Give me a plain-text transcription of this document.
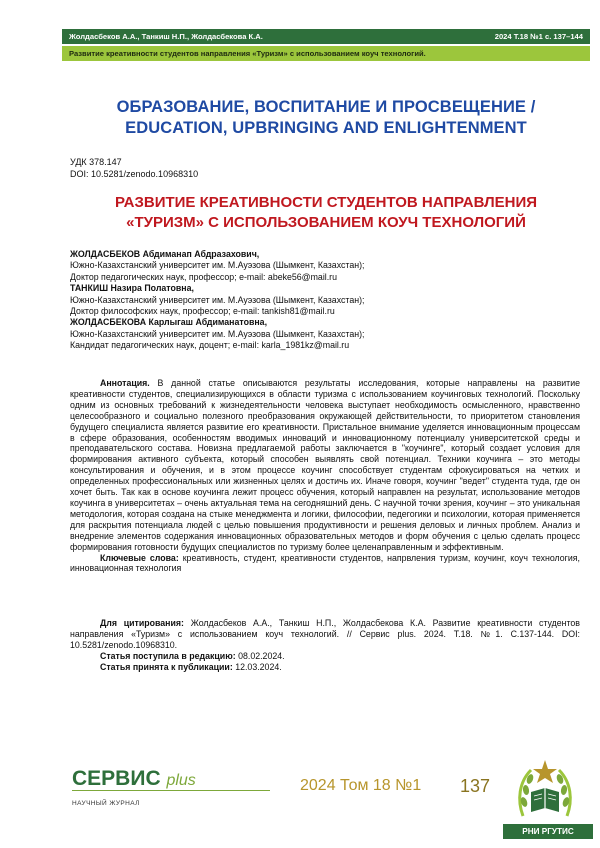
Жолдасбеков А.А., Танкиш Н.П., Жолдасбекова К.А.	2024 Т.18 №1 с. 137–144
Развитие креативности студентов направления «Туризм» с использованием коуч технологий.
ОБРАЗОВАНИЕ, ВОСПИТАНИЕ И ПРОСВЕЩЕНИЕ /
EDUCATION, UPBRINGING AND ENLIGHTENMENT
УДК 378.147
DOI: 10.5281/zenodo.10968310
РАЗВИТИЕ КРЕАТИВНОСТИ СТУДЕНТОВ НАПРАВЛЕНИЯ
«ТУРИЗМ» С ИСПОЛЬЗОВАНИЕМ КОУЧ ТЕХНОЛОГИЙ
ЖОЛДАСБЕКОВ Абдиманап Абдразахович,
Южно-Казахстанский университет им. М.Ауэзова (Шымкент, Казахстан);
Доктор педагогических наук, профессор; e-mail: abeke56@mail.ru
ТАНКИШ Назира Полатовна,
Южно-Казахстанский университет им. М.Ауэзова (Шымкент, Казахстан);
Доктор философских наук, профессор; e-mail: tankish81@mail.ru
ЖОЛДАСБЕКОВА Карлыгаш Абдиманатовна,
Южно-Казахстанский университет им. М.Ауэзова (Шымкент, Казахстан);
Кандидат педагогических наук, доцент; e-mail: karla_1981kz@mail.ru

Аннотация. В данной статье описываются результаты исследования, которые направлены на развитие креативности студентов, специализирующихся в области туризма с использованием коучинговых технологий. Поскольку одним из основных требований к жизнедеятельности человека выступает необходимость осмысленного, нравственно целесообразного и социально полезного преобразования окружающей действительности, то приоритетом становления будущего специалиста является развитие его креативности. Пристальное внимание уделяется инновационным процессам в сфере образования, особенностям вводимых инноваций и инновационному потенциалу университетской среды и преподавательского состава. Новизна предлагаемой работы заключается в "коучинге", который создает условия для формирования активного субъекта, который способен выявлять свой потенциал. Техники коучинга – это методы консультирования и обучения, и в этом процессе коучинг способствует студентам сфокусироваться на четких и определенных профессиональных или жизненных целях и достичь их. Иначе говоря, коучинг "ведет" студента туда, где он хочет быть. Так как в основе коучинга лежит процесс обучения, который направлен на результат, использование методов коучинга в университетах – очень актуальная тема на сегодняшний день. С научной точки зрения, коучинг – это уникальная методология, которая создана на стыке менеджмента и логики, философии, педегогики и психологии, которая применяется для раскрытия потенциала людей с целью повышения продуктивности и решения деловых и личных проблем. Анализ и внедрение элементов содержания инновационных образовательных методов и форм обучения с целью сделать процесс формирования готовности будущих специалистов по туризму более целенаправленным и эффективным.

Ключевые слова: креативность, студент, креативности студентов, напрвления туризм, коучинг, коуч технология, инновационная технология

Для цитирования: Жолдасбеков А.А., Танкиш Н.П., Жолдасбекова К.А. Развитие креативности студентов направления «Туризм» с использованием коуч технологий. // Сервис plus. 2024. Т.18. №1. С.137-144. DOI: 10.5281/zenodo.10968310.

Статья поступила в редакцию: 08.02.2024.

Статья принята к публикации: 12.03.2024.

СЕРВИС plus
НАУЧНЫЙ ЖУРНАЛ
2024 Том 18 №1 137
РНИ РГУТИС
